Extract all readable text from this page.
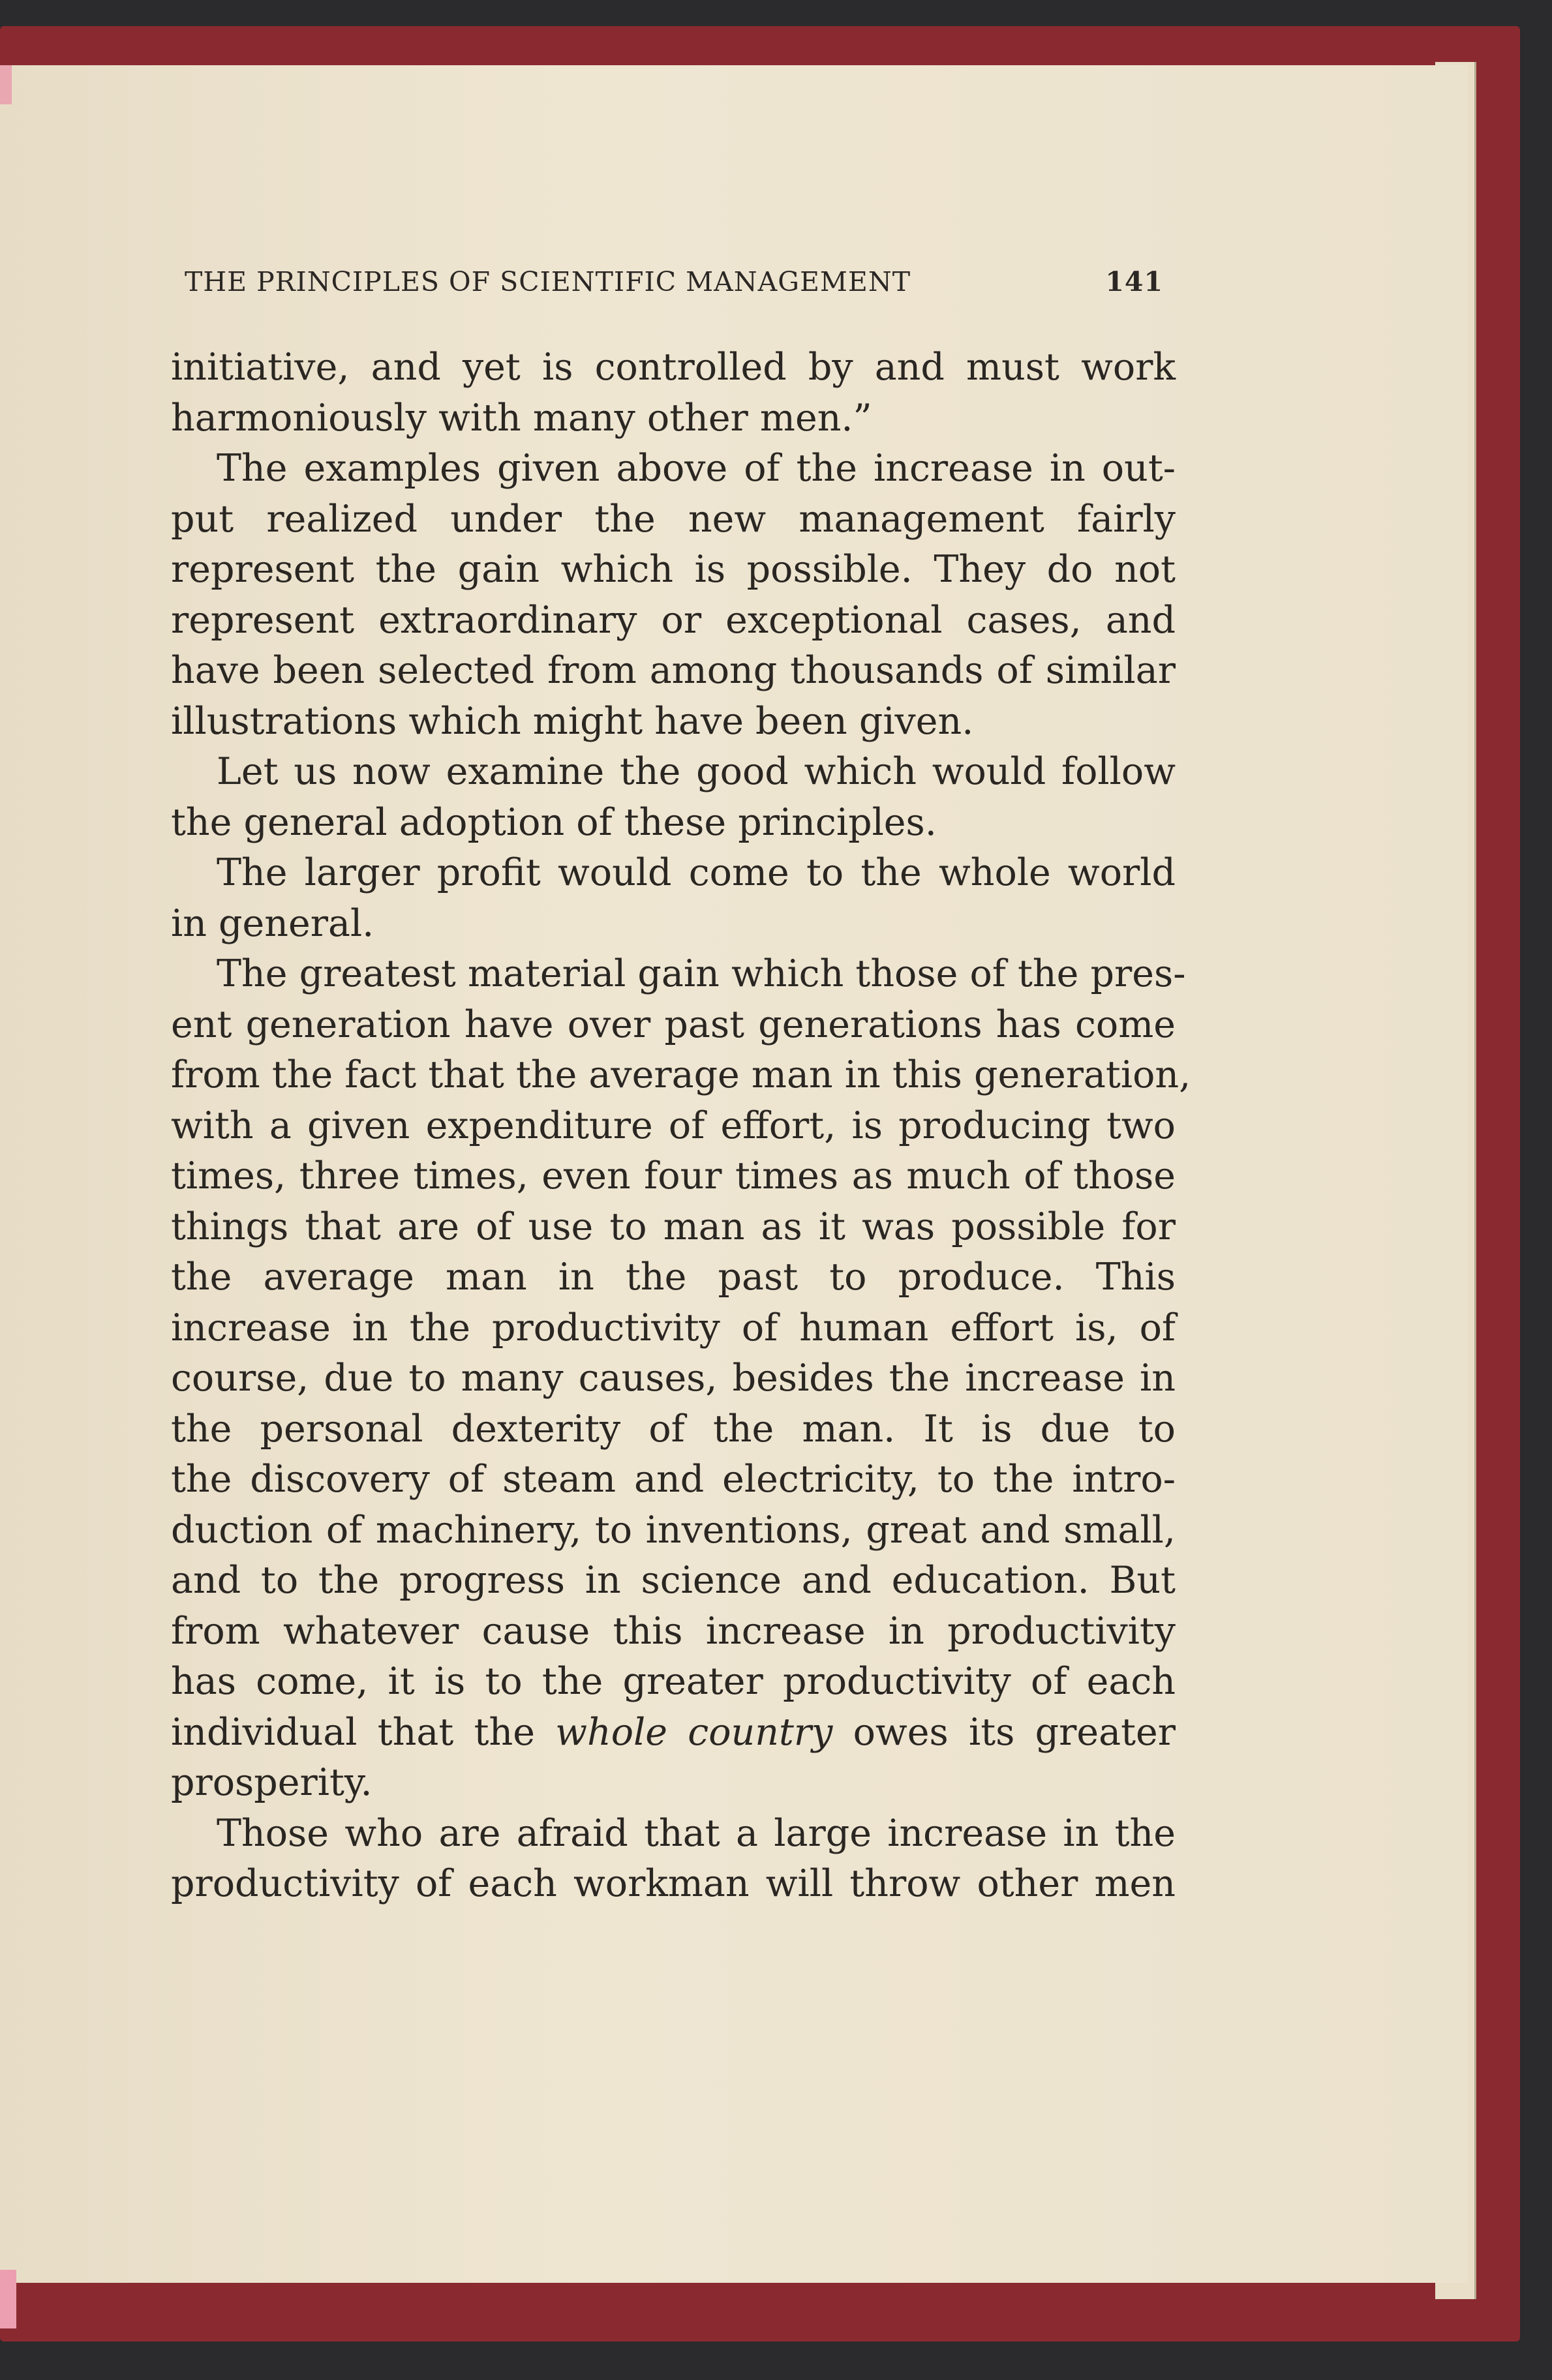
THE PRINCIPLES OF SCIENTIFIC MANAGEMENT	141
initiative, and yet is controlled by and must work
harmoniously with many other men.”
The examples given above of the increase in out-
put realized under the new management fairly
represent the gain which is possible. They do not
represent extraordinary or exceptional cases, and
have been selected from among thousands of similar
illustrations which might have been given.
Let us now examine the good which would follow
the general adoption of these principles.
The larger profit would come to the whole world
in general.
The greatest material gain which those of the pres-
ent generation have over past generations has come
from the fact that the average man in this generation,
with a given expenditure of effort, is producing two
times, three times, even four times as much of those
things that are of use to man as it was possible for
the average man in the past to produce. This
increase in the productivity of human effort is, of
course, due to many causes, besides the increase in
the personal dexterity of the man. It is due to
the discovery of steam and electricity, to the intro-
duction of machinery, to inventions, great and small,
and to the progress in science and education. But
from whatever cause this increase in productivity
has come, it is to the greater productivity of each
individual that the whole country owes its greater
prosperity.
Those who are afraid that a large increase in the
productivity of each workman will throw other men
